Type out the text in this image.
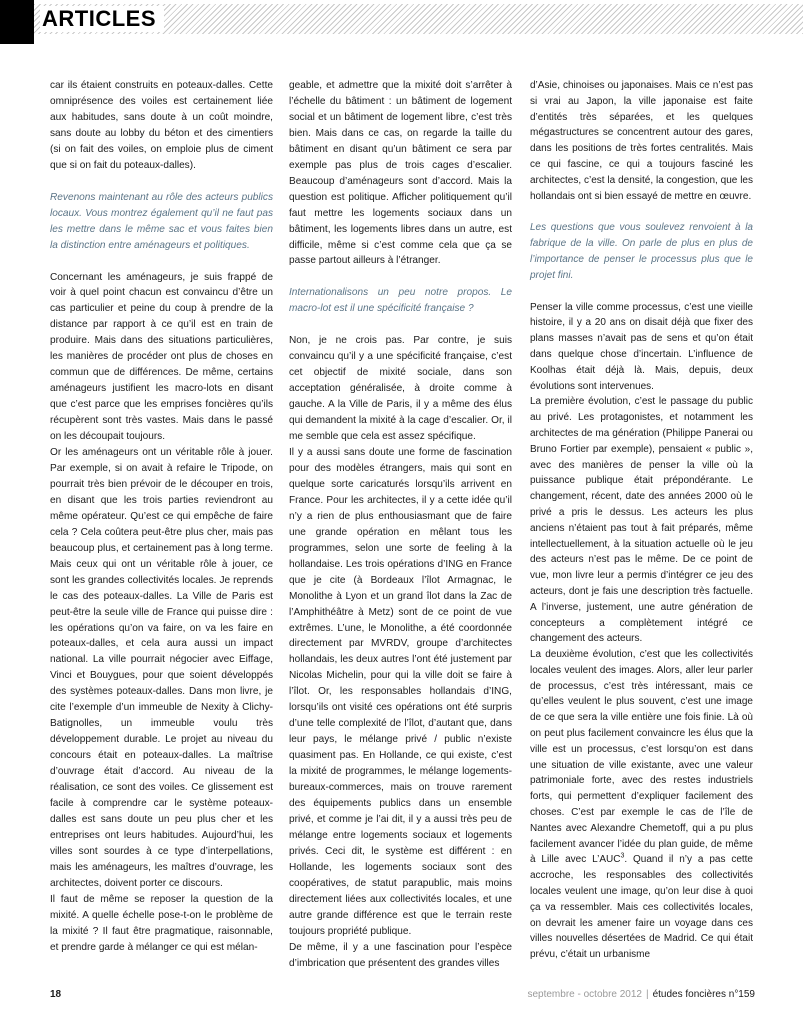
ARTICLES

car ils étaient construits en poteaux-dalles. Cette omniprésence des voiles est certainement liée aux habitudes, sans doute à un coût moindre, sans doute au lobby du béton et des cimentiers (si on fait des voiles, on emploie plus de ciment que si on fait du poteaux-dalles).

Revenons maintenant au rôle des acteurs publics locaux. Vous montrez également qu’il ne faut pas les mettre dans le même sac et vous faites bien la distinction entre aménageurs et politiques.

Concernant les aménageurs, je suis frappé de voir à quel point chacun est convaincu d’être un cas particulier et peine du coup à prendre de la distance par rapport à ce qu’il est en train de produire. Mais dans des situations particulières, les manières de procéder ont plus de choses en commun que de différences. De même, certains aménageurs justifient les macro-lots en disant que c’est parce que les emprises foncières qu’ils récupèrent sont très vastes. Mais dans le passé on les découpait toujours.

Or les aménageurs ont un véritable rôle à jouer. Par exemple, si on avait à refaire le Tripode, on pourrait très bien prévoir de le découper en trois, en disant que les trois parties reviendront au même opérateur. Qu’est ce qui empêche de faire cela ? Cela coûtera peut-être plus cher, mais pas beaucoup plus, et certainement pas à long terme. Mais ceux qui ont un véritable rôle à jouer, ce sont les grandes collectivités locales. Je reprends le cas des poteaux-dalles. La Ville de Paris est peut-être la seule ville de France qui puisse dire : les opérations qu’on va faire, on va les faire en poteaux-dalles, et cela aura aussi un impact national. La ville pourrait négocier avec Eiffage, Vinci et Bouygues, pour que soient développés des systèmes poteaux-dalles. Dans mon livre, je cite l’exemple d’un immeuble de Nexity à Clichy-Batignolles, un immeuble voulu très développement durable. Le projet au niveau du concours était en poteaux-dalles. La maîtrise d’ouvrage était d’accord. Au niveau de la réalisation, ce sont des voiles. Ce glissement est facile à comprendre car le système poteaux-dalles est sans doute un peu plus cher et les entreprises ont leurs habitudes. Aujourd’hui, les villes sont sourdes à ce type d’interpellations, mais les aménageurs, les maîtres d’ouvrage, les architectes, doivent porter ce discours.

Il faut de même se reposer la question de la mixité. A quelle échelle pose-t-on le problème de la mixité ? Il faut être pragmatique, raisonnable, et prendre garde à mélanger ce qui est mélan-

geable, et admettre que la mixité doit s’arrêter à l’échelle du bâtiment : un bâtiment de logement social et un bâtiment de logement libre, c’est très bien. Mais dans ce cas, on regarde la taille du bâtiment en disant qu’un bâtiment ce sera par exemple pas plus de trois cages d’escalier. Beaucoup d’aménageurs sont d’accord. Mais la question est politique. Afficher politiquement qu’il faut mettre les logements sociaux dans un bâtiment, les logements libres dans un autre, est difficile, même si c’est comme cela que ça se passe partout ailleurs à l’étranger.

Internationalisons un peu notre propos. Le macro-lot est il une spécificité française ?

Non, je ne crois pas. Par contre, je suis convaincu qu’il y a une spécificité française, c’est cet objectif de mixité sociale, dans son acceptation généralisée, à droite comme à gauche. A la Ville de Paris, il y a même des élus qui demandent la mixité à la cage d’escalier. Or, il me semble que cela est assez spécifique.

Il y a aussi sans doute une forme de fascination pour des modèles étrangers, mais qui sont en quelque sorte caricaturés lorsqu’ils arrivent en France. Pour les architectes, il y a cette idée qu’il n’y a rien de plus enthousiasmant que de faire une grande opération en mêlant tous les programmes, selon une sorte de feeling à la hollandaise. Les trois opérations d’ING en France que je cite (à Bordeaux l’îlot Armagnac, le Monolithe à Lyon et un grand îlot dans la Zac de l’Amphithéâtre à Metz) sont de ce point de vue extrêmes. L’une, le Monolithe, a été coordonnée directement par MVRDV, groupe d’architectes hollandais, les deux autres l’ont été justement par Nicolas Michelin, pour qui la ville doit se faire à l’îlot. Or, les responsables hollandais d’ING, lorsqu’ils ont visité ces opérations ont été surpris d’une telle complexité de l’îlot, d’autant que, dans leur pays, le mélange privé / public n’existe quasiment pas. En Hollande, ce qui existe, c’est la mixité de programmes, le mélange logements-bureaux-commerces, mais on trouve rarement des équipements publics dans un ensemble privé, et comme je l’ai dit, il y a aussi très peu de mélange entre logements sociaux et logements privés. Ceci dit, le système est différent : en Hollande, les logements sociaux sont des coopératives, de statut parapublic, mais moins directement liées aux collectivités locales, et une autre grande différence est que le terrain reste toujours propriété publique.

De même, il y a une fascination pour l’espèce d’imbrication que présentent des grandes villes

d’Asie, chinoises ou japonaises. Mais ce n’est pas si vrai au Japon, la ville japonaise est faite d’entités très séparées, et les quelques mégastructures se concentrent autour des gares, dans les positions de très fortes centralités. Mais ce qui fascine, ce qui a toujours fasciné les architectes, c’est la densité, la congestion, que les hollandais ont si bien essayé de mettre en œuvre.

Les questions que vous soulevez renvoient à la fabrique de la ville. On parle de plus en plus de l’importance de penser le processus plus que le projet fini.

Penser la ville comme processus, c’est une vieille histoire, il y a 20 ans on disait déjà que fixer des plans masses n’avait pas de sens et qu’on était dans quelque chose d’incertain. L’influence de Koolhas était déjà là. Mais, depuis, deux évolutions sont intervenues.

La première évolution, c’est le passage du public au privé. Les protagonistes, et notamment les architectes de ma génération (Philippe Panerai ou Bruno Fortier par exemple), pensaient « public », avec des manières de penser la ville où la puissance publique était prépondérante. Le changement, récent, date des années 2000 où le privé a pris le dessus. Les acteurs les plus anciens n’étaient pas tout à fait préparés, même intellectuellement, à la situation actuelle où le jeu des acteurs n’est pas le même. De ce point de vue, mon livre leur a permis d’intégrer ce jeu des acteurs, dont je fais une description très factuelle. A l’inverse, justement, une autre génération de concepteurs a complètement intégré ce changement des acteurs.

La deuxième évolution, c’est que les collectivités locales veulent des images. Alors, aller leur parler de processus, c’est très intéressant, mais ce qu’elles veulent le plus souvent, c’est une image de ce que sera la ville entière une fois finie. Là où on peut plus facilement convaincre les élus que la ville est un processus, c’est lorsqu’on est dans une situation de ville existante, avec une valeur patrimoniale forte, avec des restes industriels forts, qui permettent d’expliquer facilement des choses. C’est par exemple le cas de l’île de Nantes avec Alexandre Chemetoff, qui a pu plus facilement avancer l’idée du plan guide, de même à Lille avec L’AUC$^3$. Quand il n’y a pas cette accroche, les responsables des collectivités locales veulent une image, qu’on leur dise à quoi ça va ressembler. Mais ces collectivités locales, on devrait les amener faire un voyage dans ces villes nouvelles désertées de Madrid. Ce qui était prévu, c’était un urbanisme

18	septembre - octobre 2012 | études foncières n°159
